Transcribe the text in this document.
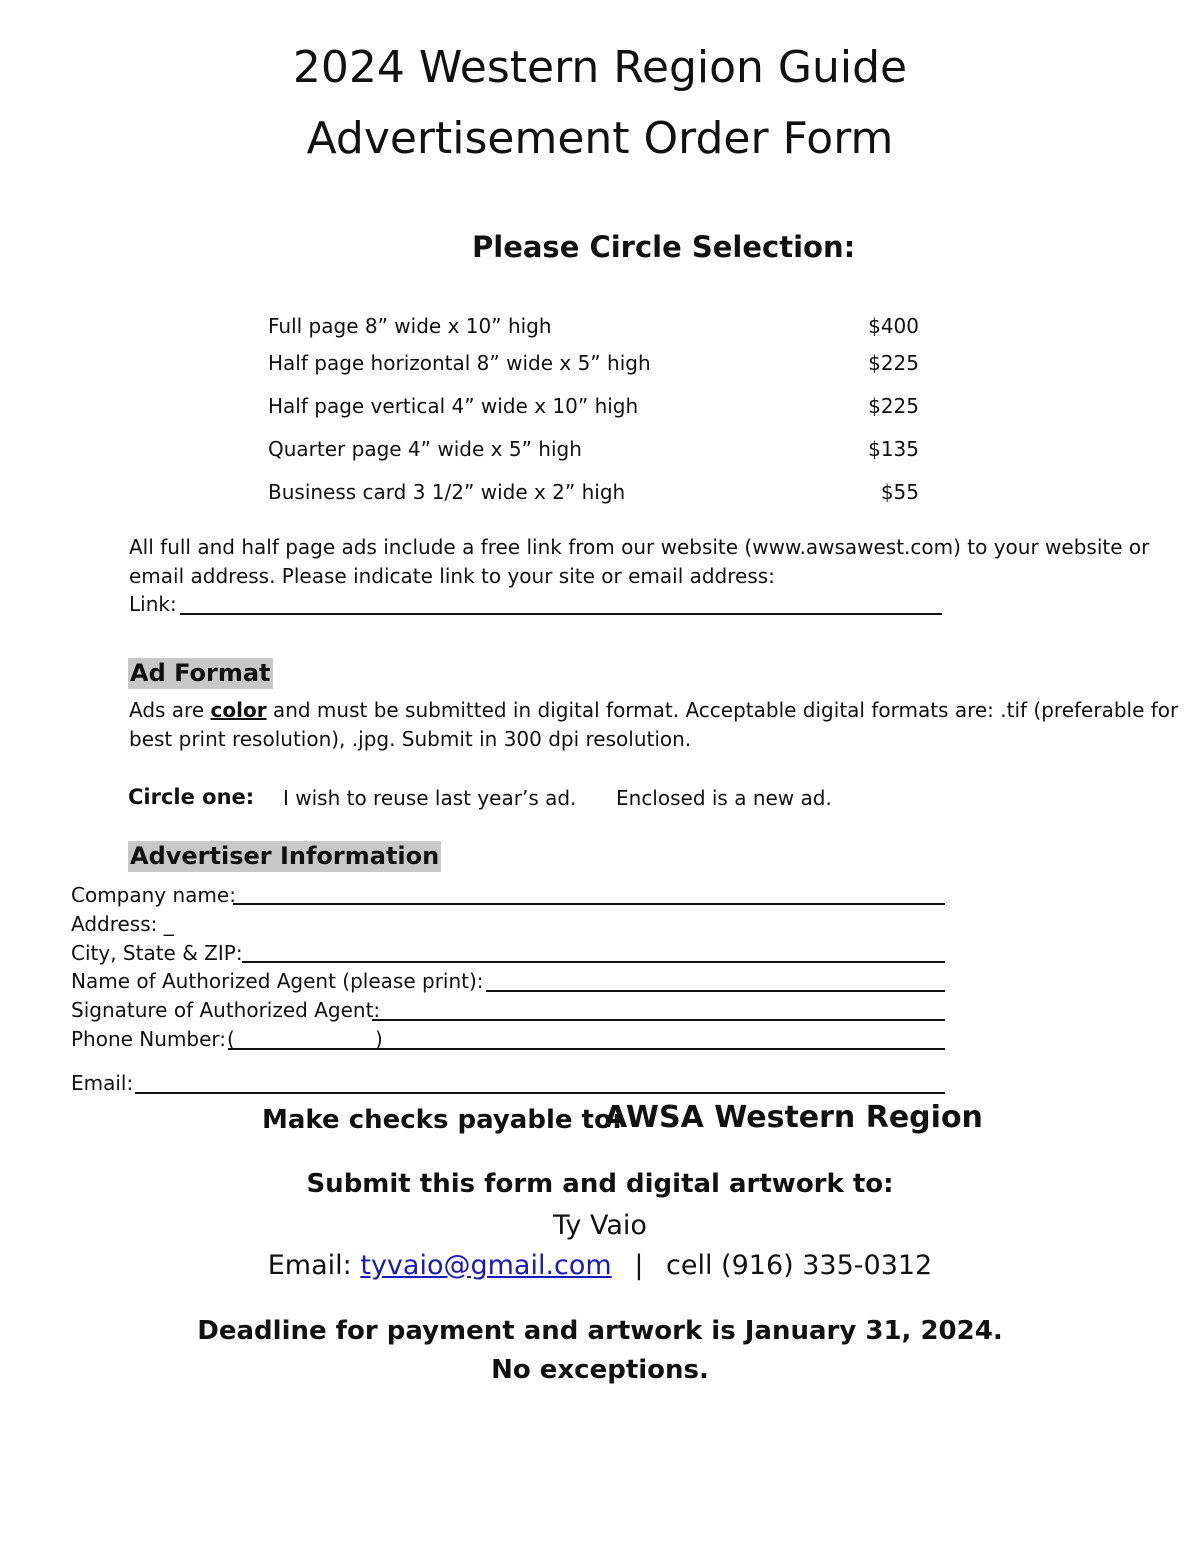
2024 Western Region Guide
Advertisement Order Form
Please Circle Selection:
Full page 8” wide x 10” high	$400
Half page horizontal 8” wide x 5” high	$225
Half page vertical 4” wide x 10” high	$225
Quarter page 4” wide x 5” high	$135
Business card 3 1/2” wide x 2” high	$55
All full and half page ads include a free link from our website (www.awsawest.com) to your website or
email address. Please indicate link to your site or email address:
Link:
Ad Format
Ads are color and must be submitted in digital format. Acceptable digital formats are: .tif (preferable for
best print resolution), .jpg. Submit in 300 dpi resolution.
Circle one: I wish to reuse last year’s ad. Enclosed is a new ad.
Advertiser Information
Company name:
Address: _
City, State & ZIP:
Name of Authorized Agent (please print):
Signature of Authorized Agent:
Phone Number: (	)
Email:
Make checks payable to:
AWSA Western Region
Submit this form and digital artwork to:
Ty Vaio
Email: tyvaio@gmail.com | cell (916) 335-0312
Deadline for payment and artwork is January 31, 2024.
No exceptions.
